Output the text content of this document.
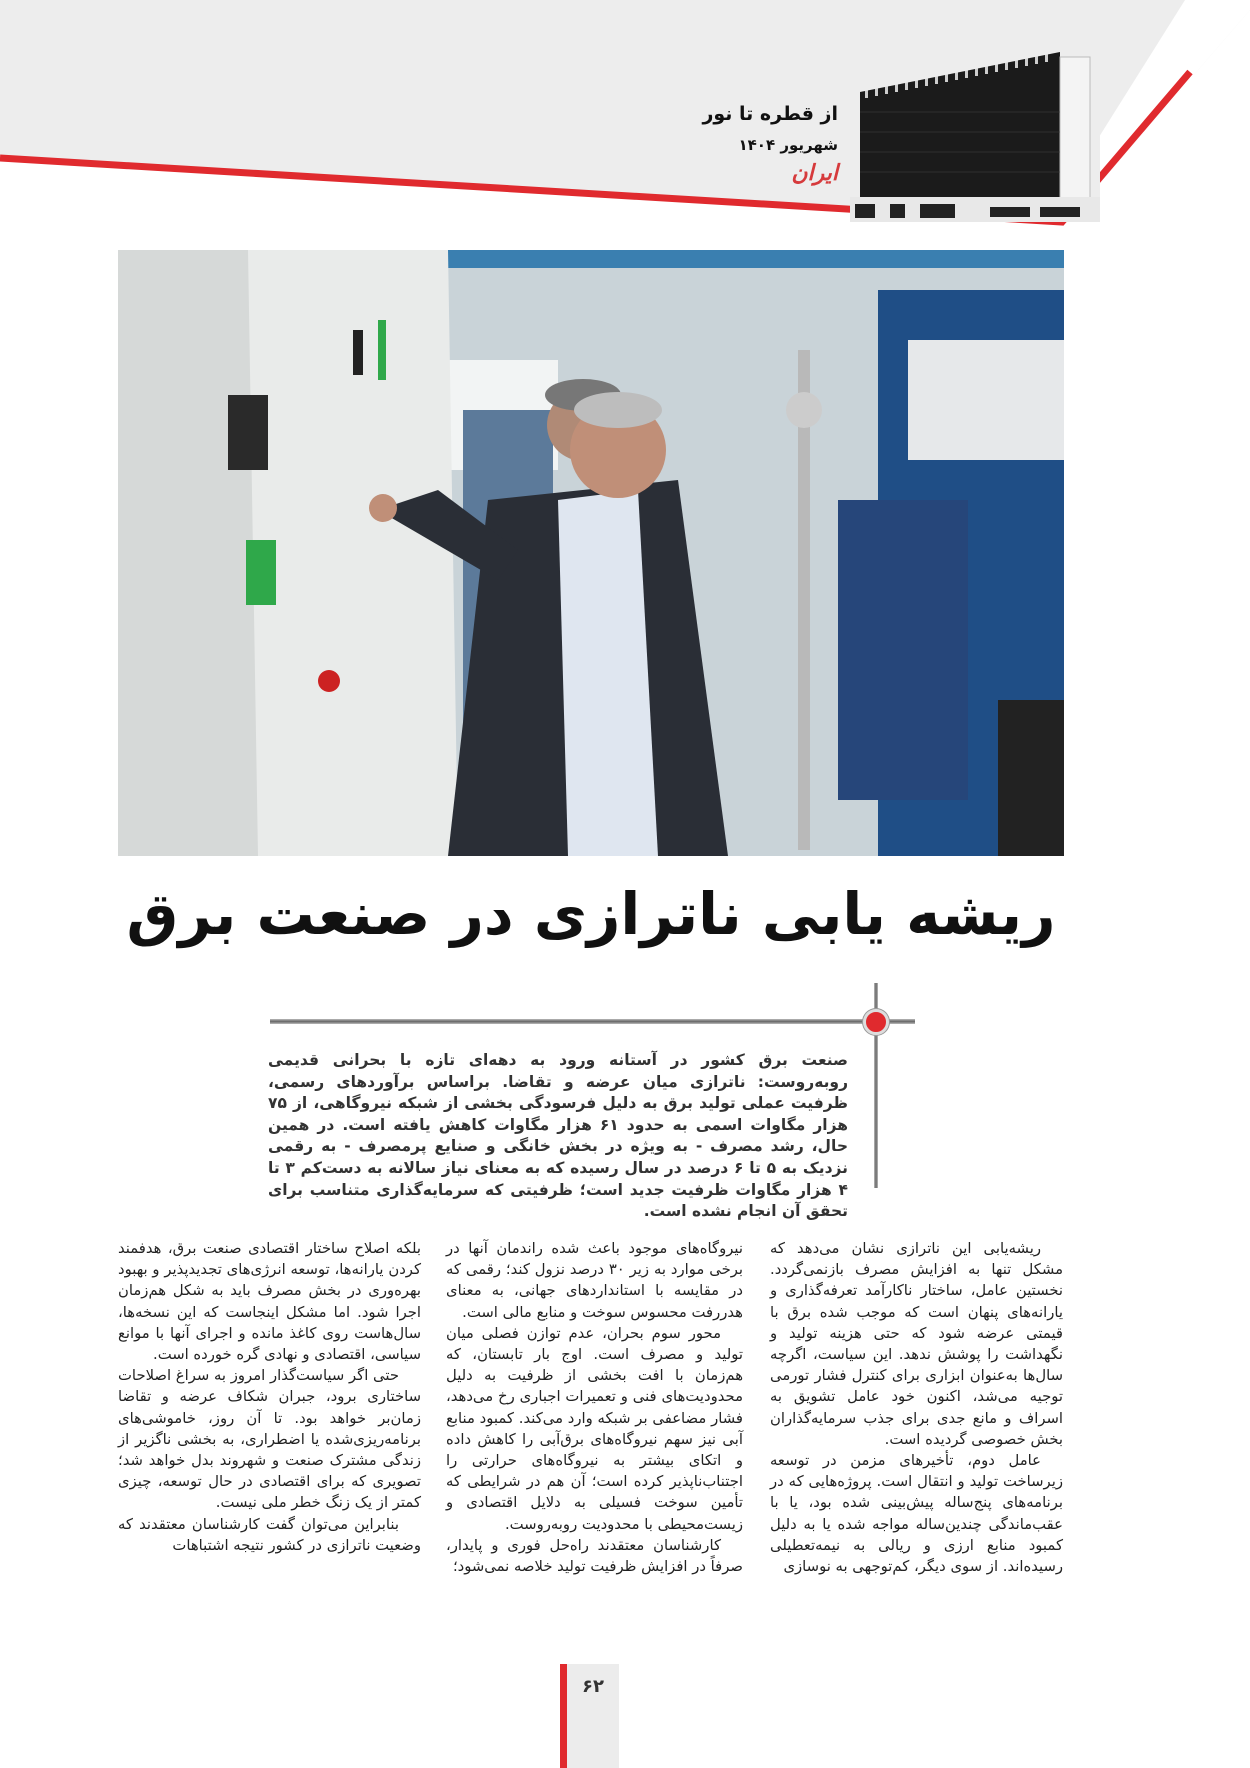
از قطره تا نور
شهریور ۱۴۰۴
ایران
ریشه یابی ناترازی در صنعت برق
صنعت برق کشور در آستانه ورود به دهه‌ای تازه با بحرانی قدیمی روبه‌روست: ناترازی میان عرضه و تقاضا. براساس برآوردهای رسمی، ظرفیت عملی تولید برق به دلیل فرسودگی بخشی از شبکه نیروگاهی، از ۷۵ هزار مگاوات اسمی به حدود ۶۱ هزار مگاوات کاهش یافته است. در همین حال، رشد مصرف - به ویژه در بخش خانگی و صنایع پرمصرف - به رقمی نزدیک به ۵ تا ۶ درصد در سال رسیده که به معنای نیاز سالانه به دست‌کم ۳ تا ۴ هزار مگاوات ظرفیت جدید است؛ ظرفیتی که سرمایه‌گذاری متناسب برای تحقق آن انجام نشده است.

ریشه‌یابی این ناترازی نشان می‌دهد که مشکل تنها به افزایش مصرف بازنمی‌گردد. نخستین عامل، ساختار ناکارآمد تعرفه‌گذاری و یارانه‌های پنهان است که موجب شده برق با قیمتی عرضه شود که حتی هزینه تولید و نگهداشت را پوشش ندهد. این سیاست، اگرچه سال‌ها به‌عنوان ابزاری برای کنترل فشار تورمی توجیه می‌شد، اکنون خود عامل تشویق به اسراف و مانع جدی برای جذب سرمایه‌گذاران بخش خصوصی گردیده است.

عامل دوم، تأخیرهای مزمن در توسعه زیرساخت تولید و انتقال است. پروژه‌هایی که در برنامه‌های پنج‌ساله پیش‌بینی شده بود، یا با عقب‌ماندگی چندین‌ساله مواجه شده یا به دلیل کمبود منابع ارزی و ریالی به نیمه‌تعطیلی رسیده‌اند. از سوی دیگر، کم‌توجهی به نوسازی

نیروگاه‌های موجود باعث شده راندمان آنها در برخی موارد به زیر ۳۰ درصد نزول کند؛ رقمی که در مقایسه با استانداردهای جهانی، به معنای هدررفت محسوس سوخت و منابع مالی است.

محور سوم بحران، عدم توازن فصلی میان تولید و مصرف است. اوج بار تابستان، که هم‌زمان با افت بخشی از ظرفیت به دلیل محدودیت‌های فنی و تعمیرات اجباری رخ می‌دهد، فشار مضاعفی بر شبکه وارد می‌کند. کمبود منابع آبی نیز سهم نیروگاه‌های برق‌آبی را کاهش داده و اتکای بیشتر به نیروگاه‌های حرارتی را اجتناب‌ناپذیر کرده است؛ آن هم در شرایطی که تأمین سوخت فسیلی به دلایل اقتصادی و زیست‌محیطی با محدودیت روبه‌روست.

کارشناسان معتقدند راه‌حل فوری و پایدار، صرفاً در افزایش ظرفیت تولید خلاصه نمی‌شود؛

بلکه اصلاح ساختار اقتصادی صنعت برق، هدفمند کردن یارانه‌ها، توسعه انرژی‌های تجدیدپذیر و بهبود بهره‌وری در بخش مصرف باید به شکل هم‌زمان اجرا شود. اما مشکل اینجاست که این نسخه‌ها، سال‌هاست روی کاغذ مانده و اجرای آنها با موانع سیاسی، اقتصادی و نهادی گره خورده است.

حتی اگر سیاست‌گذار امروز به سراغ اصلاحات ساختاری برود، جبران شکاف عرضه و تقاضا زمان‌بر خواهد بود. تا آن روز، خاموشی‌های برنامه‌ریزی‌شده یا اضطراری، به بخشی ناگزیر از زندگی مشترک صنعت و شهروند بدل خواهد شد؛ تصویری که برای اقتصادی در حال توسعه، چیزی کمتر از یک زنگ خطر ملی نیست.

بنابراین می‌توان گفت کارشناسان معتقدند که وضعیت ناترازی در کشور نتیجه اشتباهات

۶۲
